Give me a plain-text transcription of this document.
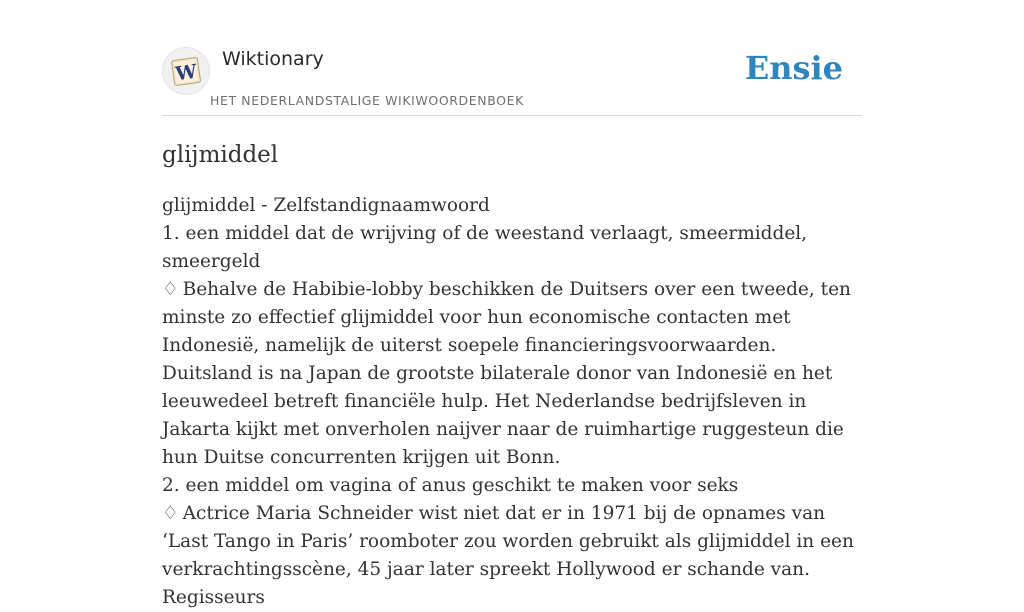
W
Wiktionary
HET NEDERLANDSTALIGE WIKIWOORDENBOEK
Ensie
glijmiddel

glijmiddel - Zelfstandignaamwoord

1. een middel dat de wrijving of de weestand verlaagt, smeermiddel, smeergeld

♢ Behalve de Habibie-lobby beschikken de Duitsers over een tweede, ten minste zo effectief glijmiddel voor hun economische contacten met Indonesië, namelijk de uiterst soepele financieringsvoorwaarden. Duitsland is na Japan de grootste bilaterale donor van Indonesië en het leeuwedeel betreft financiële hulp. Het Nederlandse bedrijfsleven in Jakarta kijkt met onverholen naijver naar de ruimhartige ruggesteun die hun Duitse concurrenten krijgen uit Bonn.

2. een middel om vagina of anus geschikt te maken voor seks

♢ Actrice Maria Schneider wist niet dat er in 1971 bij de opnames van ‘Last Tango in Paris’ roomboter zou worden gebruikt als glijmiddel in een verkrachtingsscène, 45 jaar later spreekt Hollywood er schande van. Regisseurs
